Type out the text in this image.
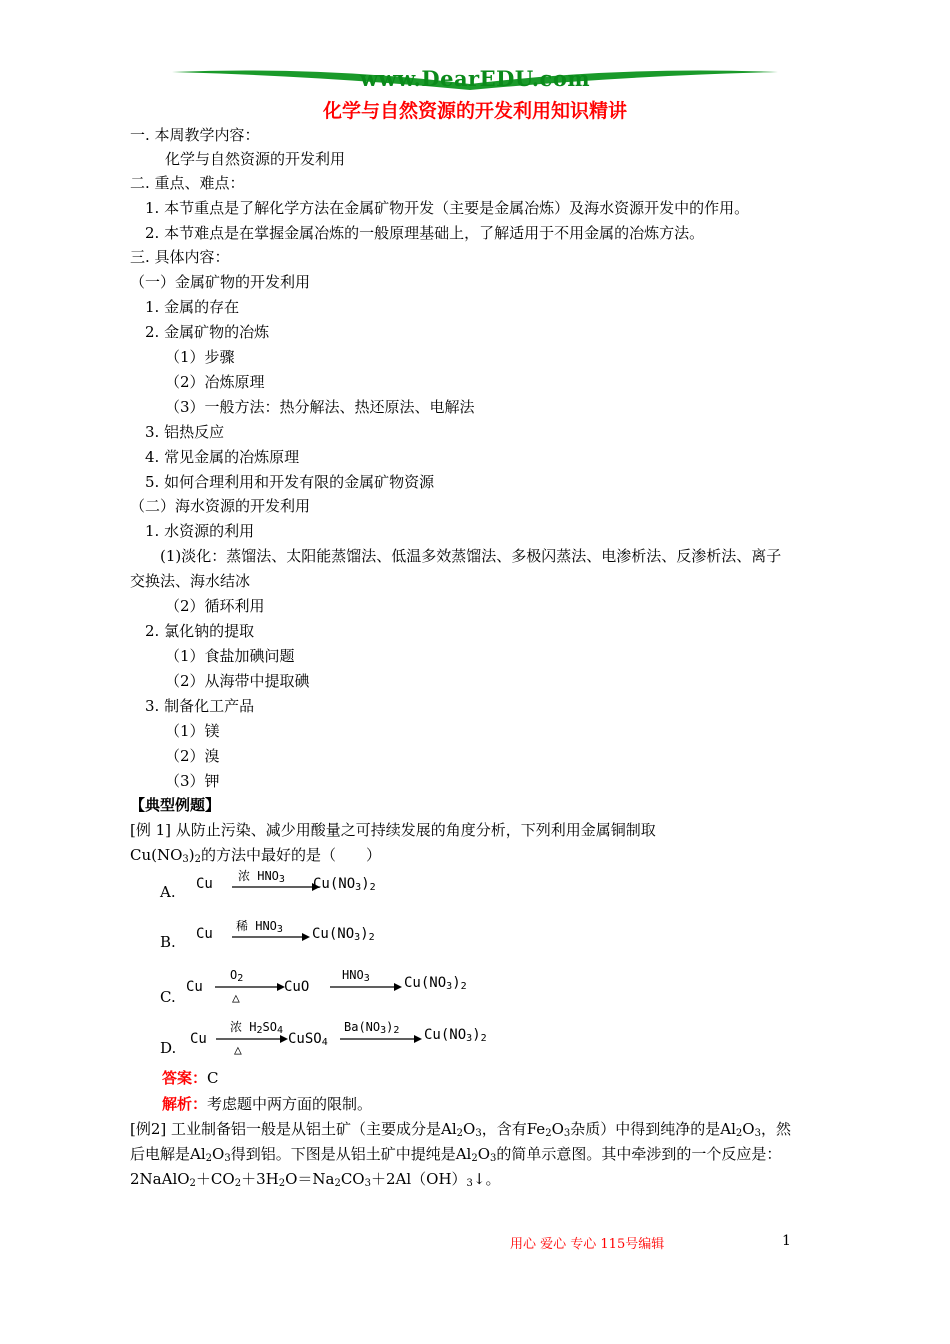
www.DearEDU.com
化学与自然资源的开发利用知识精讲
一. 本周教学内容：
化学与自然资源的开发利用
二. 重点、难点：
1. 本节重点是了解化学方法在金属矿物开发（主要是金属冶炼）及海水资源开发中的作用。
2. 本节难点是在掌握金属冶炼的一般原理基础上，了解适用于不用金属的冶炼方法。
三. 具体内容：
（一）金属矿物的开发利用
1. 金属的存在
2. 金属矿物的冶炼
（1）步骤
（2）冶炼原理
（3）一般方法：热分解法、热还原法、电解法
3. 铝热反应
4. 常见金属的冶炼原理
5. 如何合理利用和开发有限的金属矿物资源
（二）海水资源的开发利用
1. 水资源的利用
(1)淡化：蒸馏法、太阳能蒸馏法、低温多效蒸馏法、多极闪蒸法、电渗析法、反渗析法、离子
交换法、海水结冰
（2）循环利用
2. 氯化钠的提取
（1）食盐加碘问题
（2）从海带中提取碘
3. 制备化工产品
（1）镁
（2）溴
（3）钾
【典型例题】
[例 1] 从防止污染、减少用酸量之可持续发展的角度分析，下列利用金属铜制取
$Cu(NO_3)_2$的方法中最好的是（　　）
A. Cu 浓 $HNO_3$ $Cu(NO_3)_2$
B. Cu 稀 $HNO_3$ $Cu(NO_3)_2$
C.
Cu
$O_2$
△
CuO
$HNO_3$ $Cu(NO_3)_2$
D. Cu
浓 $H_2SO_4$
△
CuSO$_4$
$Ba(NO_3)_2$ $Cu(NO_3)_2$
答案：C
解析：考虑题中两方面的限制。
[例2] 工业制备铝一般是从铝土矿（主要成分是$Al_2O_3$，含有$Fe_2O_3$杂质）中得到纯净的是$Al_2O_3$，然
后电解是$Al_2O_3$得到铝。下图是从铝土矿中提纯是$Al_2O_3$的简单示意图。其中牵涉到的一个反应是：
$2NaAlO_2+CO_2+3H_2O=Na_2CO_3+2Al(OH)_3↓$。
用心 爱心 专心 115号编辑	1
